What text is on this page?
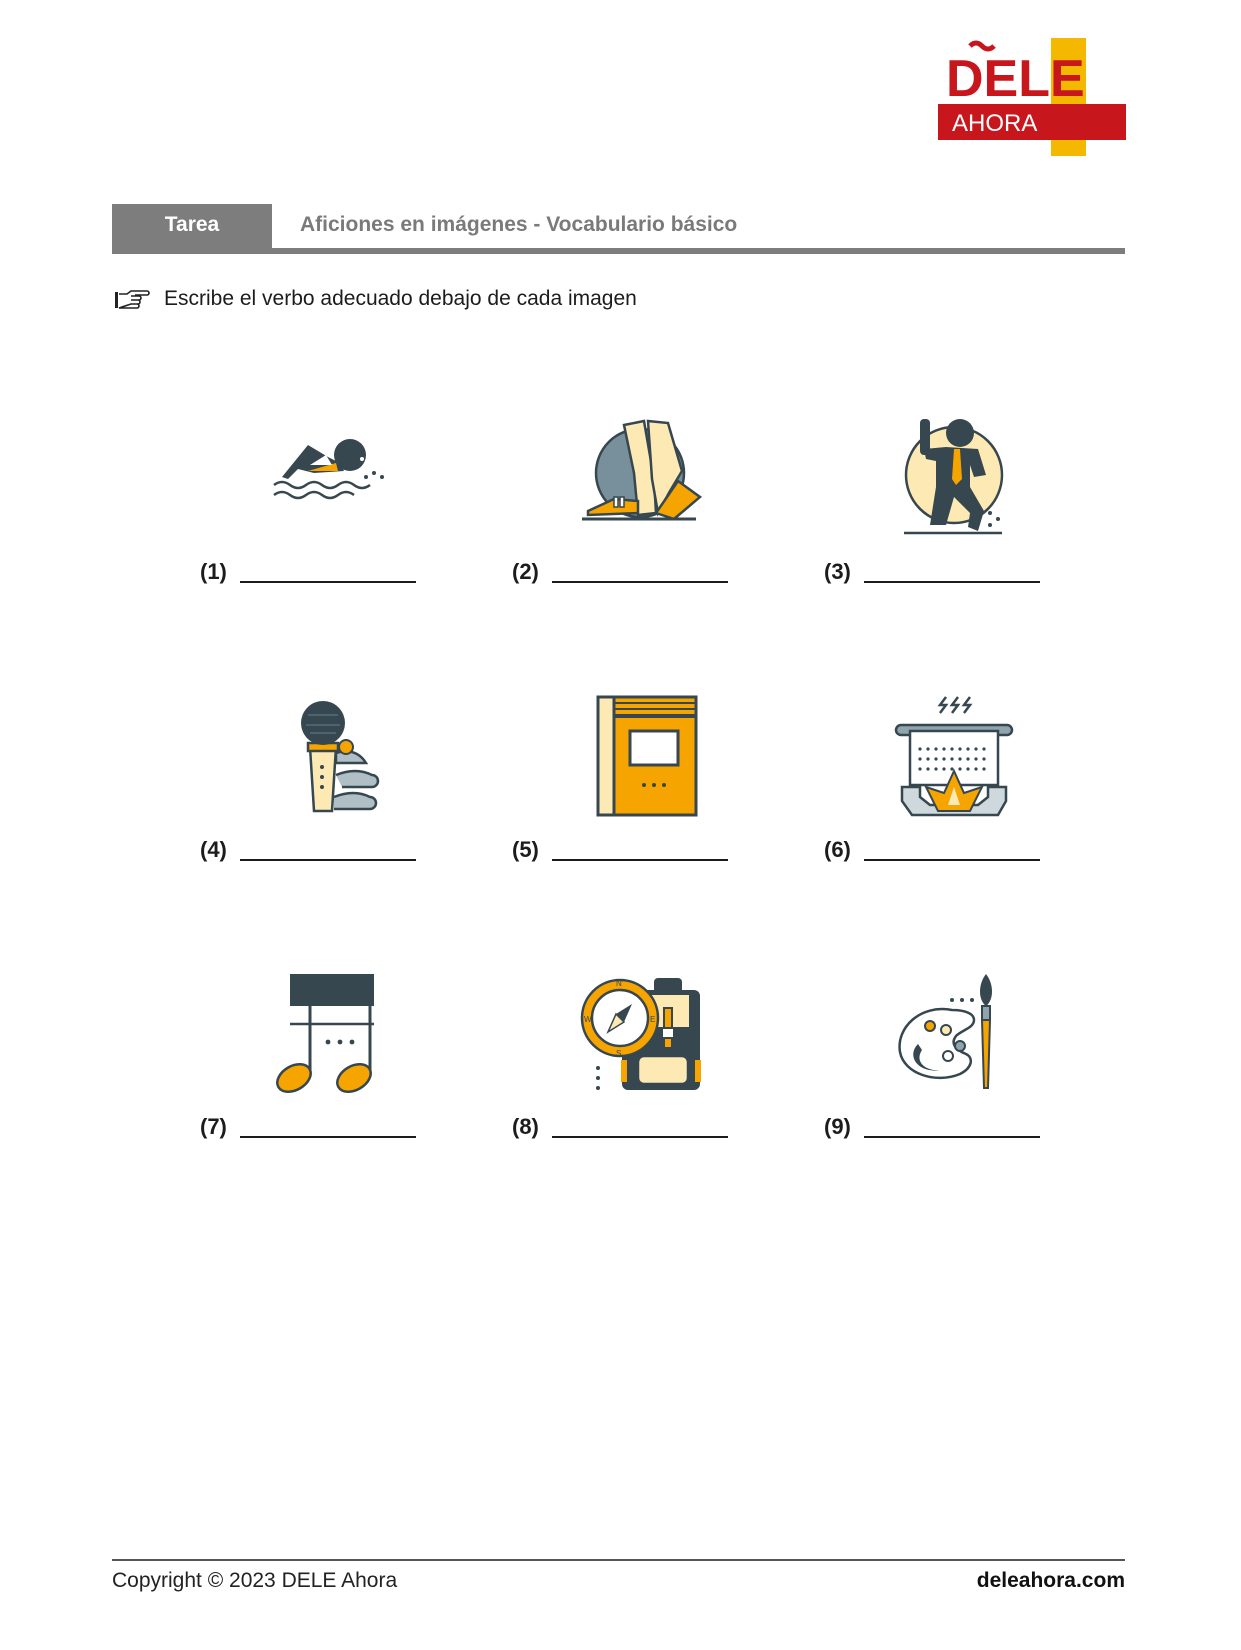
DELE
AHORA
Tarea	Aficiones en imágenes - Vocabulario básico
Escribe el verbo adecuado debajo de cada imagen
(1)	(2)	(3)
(4)	(5)	(6)
(7)
N
S
W	E
(8)	(9)
Copyright © 2023 DELE Ahora	deleahora.com
